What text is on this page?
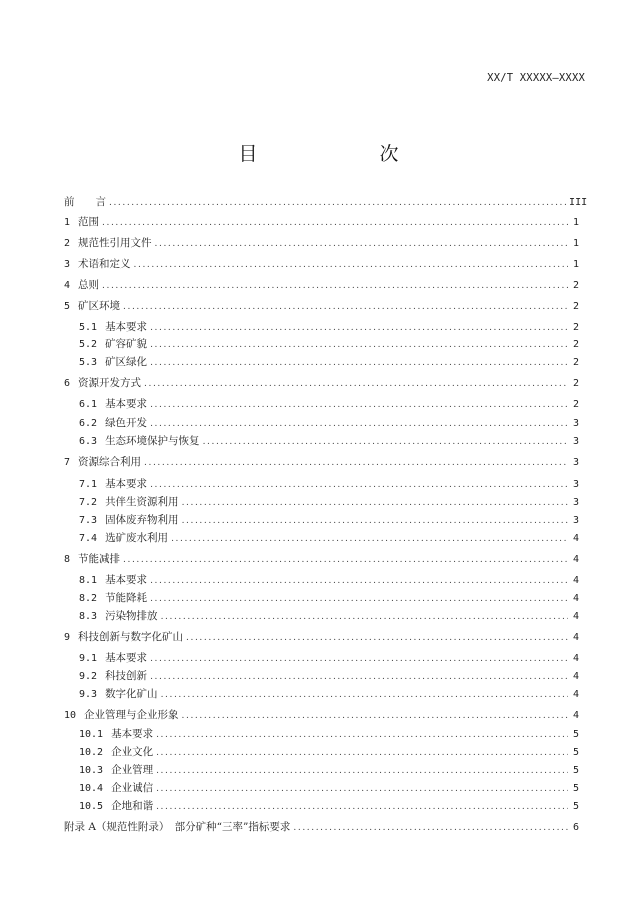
XX/T XXXXX—XXXX
目　　次
前　　言 .....	III
1 范围 .....	1
2 规范性引用文件 .....	1
3 术语和定义 .....	1
4 总则 .....	2
5 矿区环境 .....	2
5.1 基本要求 .....	2
5.2 矿容矿貌 .....	2
5.3 矿区绿化 .....	2
6 资源开发方式 .....	2
6.1 基本要求 .....	2
6.2 绿色开发 .....	3
6.3 生态环境保护与恢复 .....	3
7 资源综合利用 .....	3
7.1 基本要求 .....	3
7.2 共伴生资源利用 .....	3
7.3 固体废弃物利用 .....	3
7.4 选矿废水利用 .....	4
8 节能减排 .....	4
8.1 基本要求 .....	4
8.2 节能降耗 .....	4
8.3 污染物排放 .....	4
9 科技创新与数字化矿山 .....	4
9.1 基本要求 .....	4
9.2 科技创新 .....	4
9.3 数字化矿山 .....	4
10 企业管理与企业形象 .....	4
10.1 基本要求 .....	5
10.2 企业文化 .....	5
10.3 企业管理 .....	5
10.4 企业诚信 .....	5
10.5 企地和谐 .....	5
附录 A（规范性附录）　部分矿种“三率”指标要求 .....	6
